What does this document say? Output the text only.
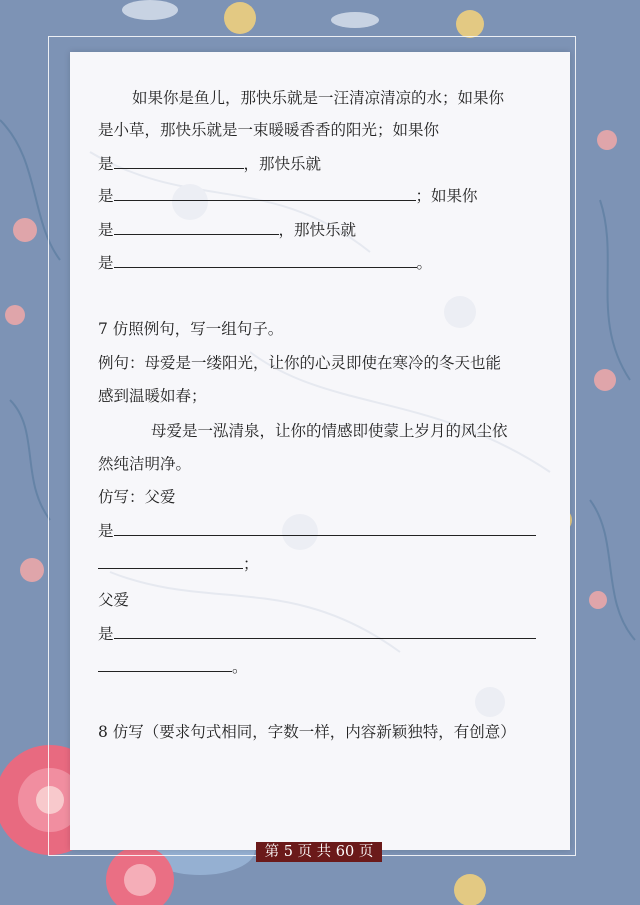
如果你是鱼儿，那快乐就是一汪清凉清凉的水；如果你
是小草，那快乐就是一束暖暖香香的阳光；如果你
是	，那快乐就
是	；如果你
是	，那快乐就
是	。
7 仿照例句，写一组句子。
例句：母爱是一缕阳光，让你的心灵即使在寒冷的冬天也能
感到温暖如春；
母爱是一泓清泉，让你的情感即使蒙上岁月的风尘依
然纯洁明净。
仿写：父爱
是
；
父爱
是
。
8 仿写（要求句式相同，字数一样，内容新颖独特，有创意）
第 5 页 共 60 页
